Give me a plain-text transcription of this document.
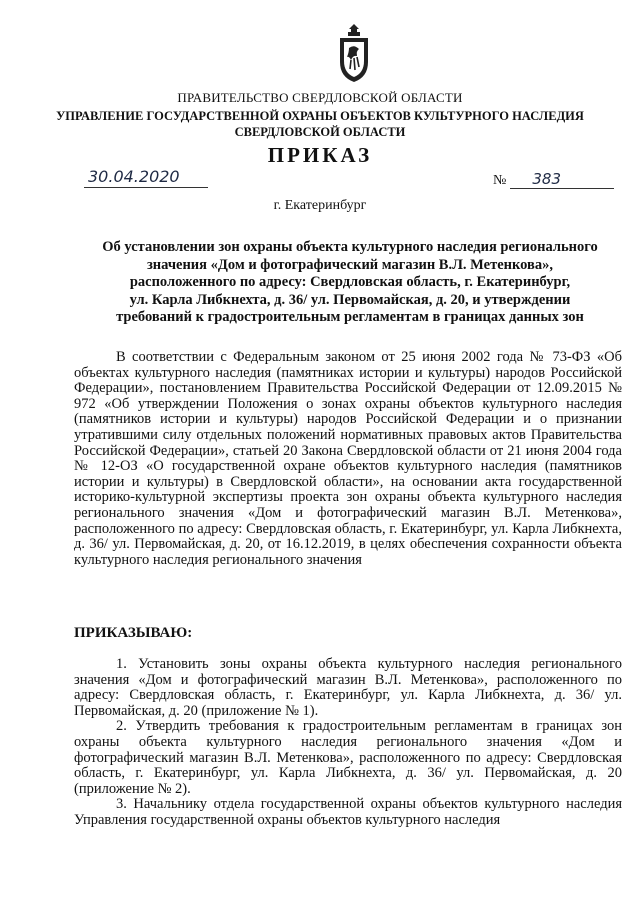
ПРАВИТЕЛЬСТВО СВЕРДЛОВСКОЙ ОБЛАСТИ
УПРАВЛЕНИЕ ГОСУДАРСТВЕННОЙ ОХРАНЫ ОБЪЕКТОВ КУЛЬТУРНОГО НАСЛЕДИЯ
СВЕРДЛОВСКОЙ ОБЛАСТИ
ПРИКАЗ
30.04.2020	№ 383
г. Екатеринбург
Об установлении зон охраны объекта культурного наследия регионального
значения «Дом и фотографический магазин В.Л. Метенкова»,
расположенного по адресу: Свердловская область, г. Екатеринбург,
ул. Карла Либкнехта, д. 36/ ул. Первомайская, д. 20, и утверждении
требований к градостроительным регламентам в границах данных зон
В соответствии с Федеральным законом от 25 июня 2002 года № 73-ФЗ «Об объектах культурного наследия (памятниках истории и культуры) народов Российской Федерации», постановлением Правительства Российской Федерации от 12.09.2015 № 972 «Об утверждении Положения о зонах охраны объектов культурного наследия (памятников истории и культуры) народов Российской Федерации и о признании утратившими силу отдельных положений нормативных правовых актов Правительства Российской Федерации», статьей 20 Закона Свердловской области от 21 июня 2004 года № 12-ОЗ «О государственной охране объектов культурного наследия (памятников истории и культуры) в Свердловской области», на основании акта государственной историко-культурной экспертизы проекта зон охраны объекта культурного наследия регионального значения «Дом и фотографический магазин В.Л. Метенкова», расположенного по адресу: Свердловская область, г. Екатеринбург, ул. Карла Либкнехта, д. 36/ ул. Первомайская, д. 20, от 16.12.2019, в целях обеспечения сохранности объекта культурного наследия регионального значения
ПРИКАЗЫВАЮ:

1. Установить зоны охраны объекта культурного наследия регионального значения «Дом и фотографический магазин В.Л. Метенкова», расположенного по адресу: Свердловская область, г. Екатеринбург, ул. Карла Либкнехта, д. 36/ ул. Первомайская, д. 20 (приложение № 1).

2. Утвердить требования к градостроительным регламентам в границах зон охраны объекта культурного наследия регионального значения «Дом и фотографический магазин В.Л. Метенкова», расположенного по адресу: Свердловская область, г. Екатеринбург, ул. Карла Либкнехта, д. 36/ ул. Первомайская, д. 20 (приложение № 2).

3. Начальнику отдела государственной охраны объектов культурного наследия Управления государственной охраны объектов культурного наследия
